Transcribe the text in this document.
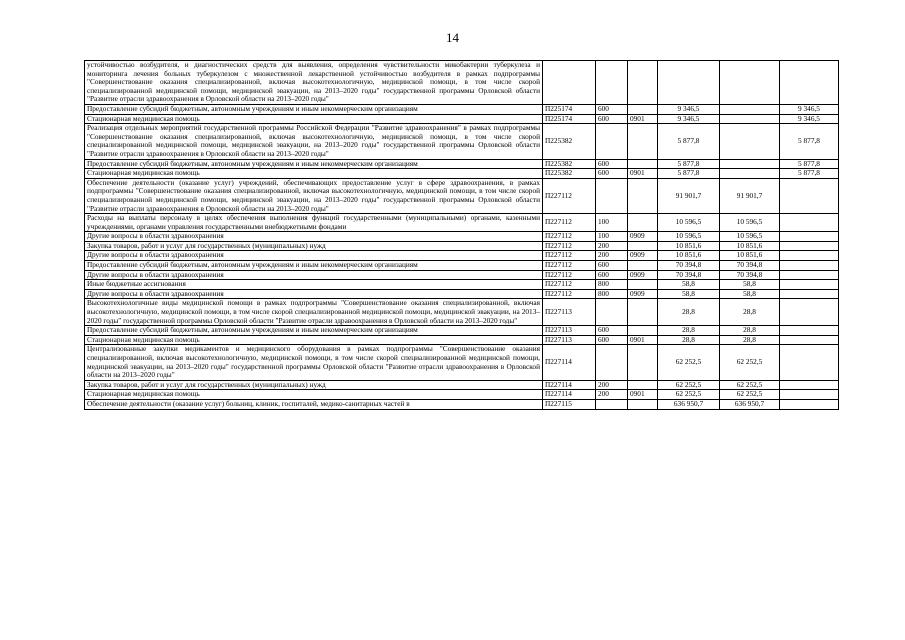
14
устойчивостью возбудителя, и диагностических средств для выявления, определения чувствительности микобактерии туберкулеза и мониторинга лечения больных туберкулезом с множественной лекарственной устойчивостью возбудителя в рамках подпрограммы "Совершенствование оказания специализированной, включая высокотехнологичную, медицинской помощи, в том числе скорой специализированной медицинской помощи, медицинской эвакуации, на 2013–2020 годы" государственной программы Орловской области "Развитие отрасли здравоохранения в Орловской области на 2013–2020 годы"						
Предоставление субсидий бюджетным, автономным учреждениям и иным некоммерческим организациям	П225174	600		9 346,5		9 346,5
Стационарная медицинская помощь	П225174	600	0901	9 346,5		9 346,5
Реализация отдельных мероприятий государственной программы Российской Федерации "Развитие здравоохранения" в рамках подпрограммы "Совершенствование оказания специализированной, включая высокотехнологичную, медицинской помощи, в том числе скорой специализированной медицинской помощи, медицинской эвакуации, на 2013–2020 годы" государственной программы Орловской области "Развитие отрасли здравоохранения в Орловской области на 2013–2020 годы"	П225382			5 877,8		5 877,8
Предоставление субсидий бюджетным, автономным учреждениям и иным некоммерческим организациям	П225382	600		5 877,8		5 877,8
Стационарная медицинская помощь	П225382	600	0901	5 877,8		5 877,8
Обеспечение деятельности (оказание услуг) учреждений, обеспечивающих предоставление услуг в сфере здравоохранения, в рамках подпрограммы "Совершенствование оказания специализированной, включая высокотехнологичную, медицинской помощи, в том числе скорой специализированной медицинской помощи, медицинской эвакуации, на 2013–2020 годы" государственной программы Орловской области "Развитие отрасли здравоохранения в Орловской области на 2013–2020 годы"	П227112			91 901,7	91 901,7	
Расходы на выплаты персоналу в целях обеспечения выполнения функций государственными (муниципальными) органами, казенными учреждениями, органами управления государственными внебюджетными фондами	П227112	100		10 596,5	10 596,5	
Другие вопросы в области здравоохранения	П227112	100	0909	10 596,5	10 596,5	
Закупка товаров, работ и услуг для государственных (муниципальных) нужд	П227112	200		10 851,6	10 851,6	
Другие вопросы в области здравоохранения	П227112	200	0909	10 851,6	10 851,6	
Предоставление субсидий бюджетным, автономным учреждениям и иным некоммерческим организациям	П227112	600		70 394,8	70 394,8	
Другие вопросы в области здравоохранения	П227112	600	0909	70 394,8	70 394,8	
Иные бюджетные ассигнования	П227112	800		58,8	58,8	
Другие вопросы в области здравоохранения	П227112	800	0909	58,8	58,8	
Высокотехнологичные виды медицинской помощи в рамках подпрограммы "Совершенствование оказания специализированной, включая высокотехнологичную, медицинской помощи, в том числе скорой специализированной медицинской помощи, медицинской эвакуации, на 2013–2020 годы" государственной программы Орловской области "Развитие отрасли здравоохранения в Орловской области на 2013–2020 годы"	П227113			28,8	28,8	
Предоставление субсидий бюджетным, автономным учреждениям и иным некоммерческим организациям	П227113	600		28,8	28,8	
Стационарная медицинская помощь	П227113	600	0901	28,8	28,8	
Централизованные закупки медикаментов и медицинского оборудования в рамках подпрограммы "Совершенствование оказания специализированной, включая высокотехнологичную, медицинской помощи, в том числе скорой специализированной медицинской помощи, медицинской эвакуации, на 2013–2020 годы" государственной программы Орловской области "Развитие отрасли здравоохранения в Орловской области на 2013–2020 годы"	П227114			62 252,5	62 252,5	
Закупка товаров, работ и услуг для государственных (муниципальных) нужд	П227114	200		62 252,5	62 252,5	
Стационарная медицинская помощь	П227114	200	0901	62 252,5	62 252,5	
Обеспечение деятельности (оказание услуг) больниц, клиник, госпиталей, медико-санитарных частей в	П227115			636 950,7	636 950,7	
